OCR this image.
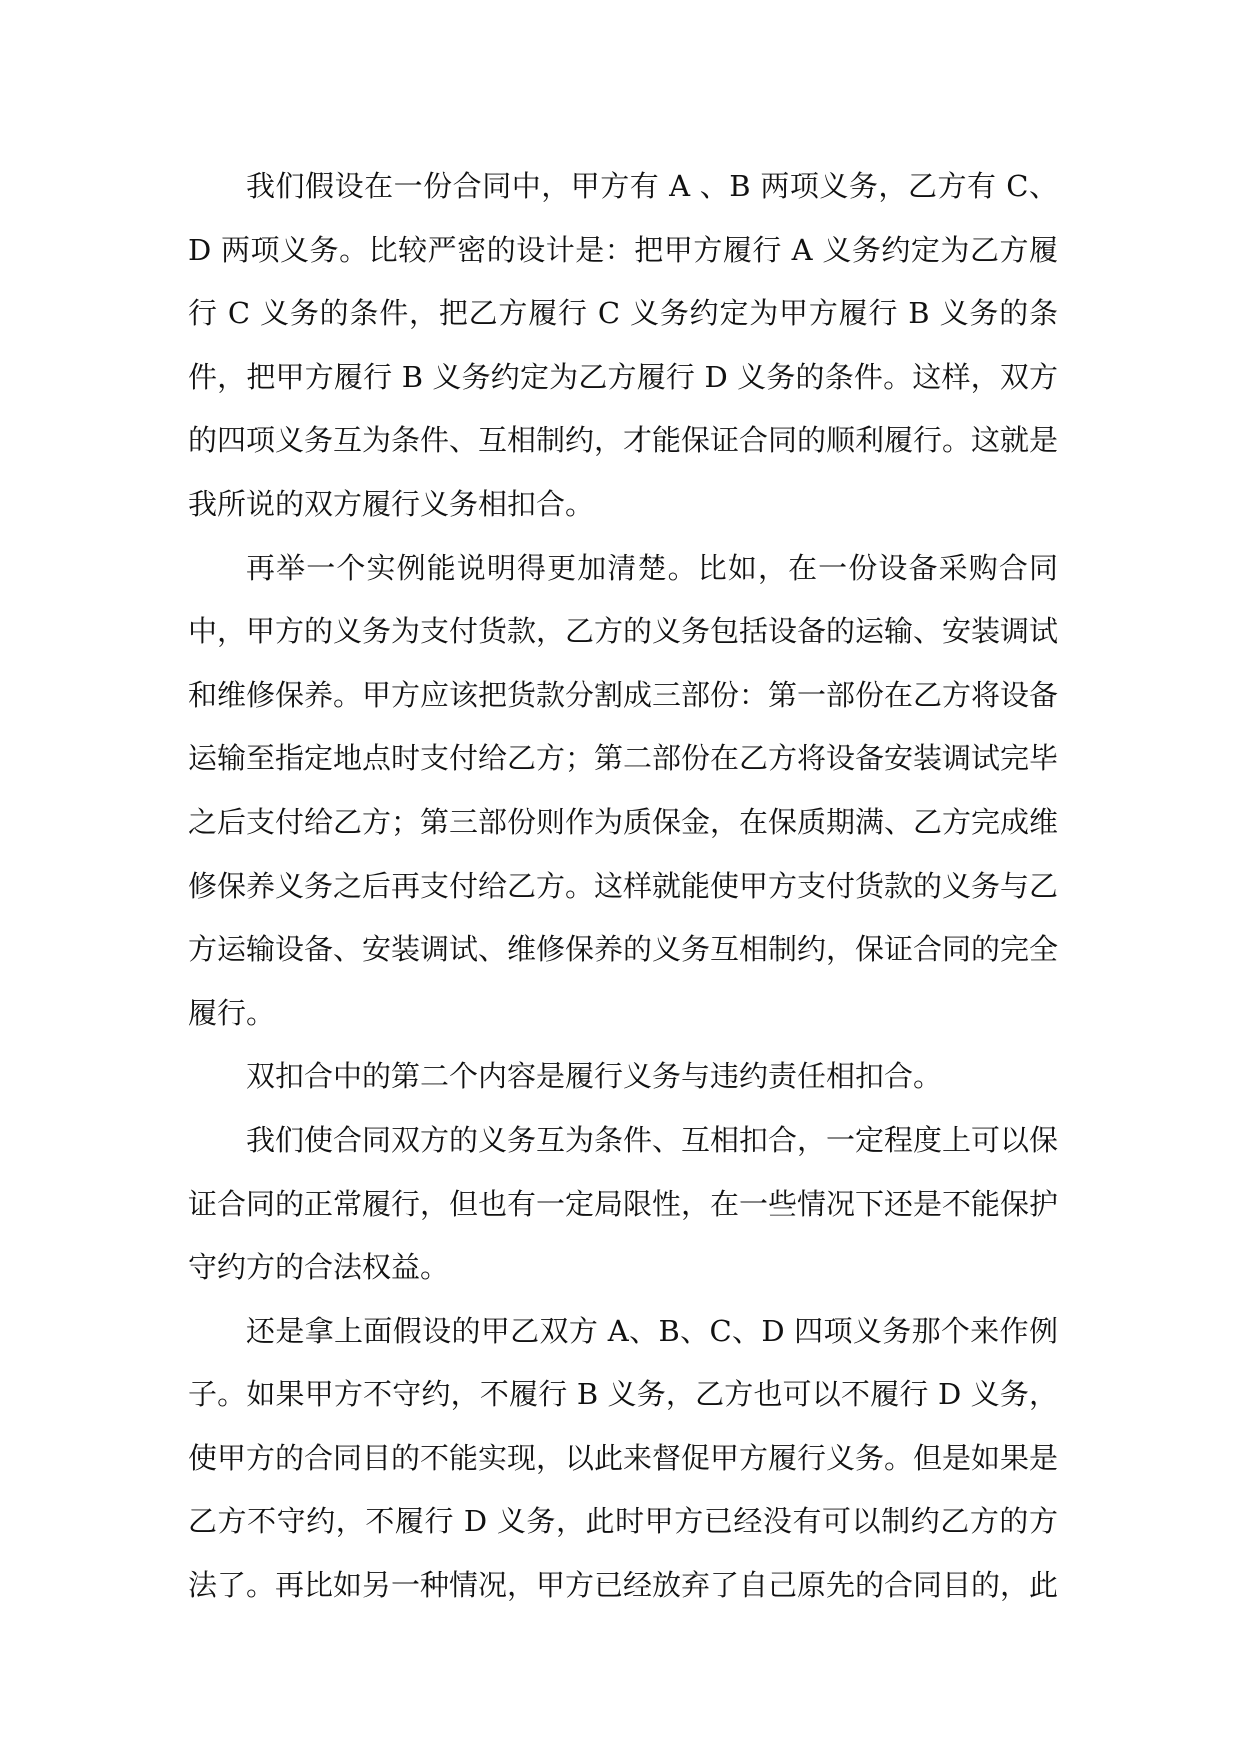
我们假设在一份合同中，甲方有 A 、B 两项义务，乙方有 C、D 两项义务。比较严密的设计是：把甲方履行 A 义务约定为乙方履行 C 义务的条件，把乙方履行 C 义务约定为甲方履行 B 义务的条件，把甲方履行 B 义务约定为乙方履行 D 义务的条件。这样，双方的四项义务互为条件、互相制约，才能保证合同的顺利履行。这就是我所说的双方履行义务相扣合。

再举一个实例能说明得更加清楚。比如，在一份设备采购合同中，甲方的义务为支付货款，乙方的义务包括设备的运输、安装调试和维修保养。甲方应该把货款分割成三部份：第一部份在乙方将设备运输至指定地点时支付给乙方；第二部份在乙方将设备安装调试完毕之后支付给乙方；第三部份则作为质保金，在保质期满、乙方完成维修保养义务之后再支付给乙方。这样就能使甲方支付货款的义务与乙方运输设备、安装调试、维修保养的义务互相制约，保证合同的完全履行。

双扣合中的第二个内容是履行义务与违约责任相扣合。

我们使合同双方的义务互为条件、互相扣合，一定程度上可以保证合同的正常履行，但也有一定局限性，在一些情况下还是不能保护守约方的合法权益。

还是拿上面假设的甲乙双方 A、B、C、D 四项义务那个来作例子。如果甲方不守约，不履行 B 义务，乙方也可以不履行 D 义务，使甲方的合同目的不能实现，以此来督促甲方履行义务。但是如果是乙方不守约，不履行 D 义务，此时甲方已经没有可以制约乙方的方法了。再比如另一种情况，甲方已经放弃了自己原先的合同目的，此
